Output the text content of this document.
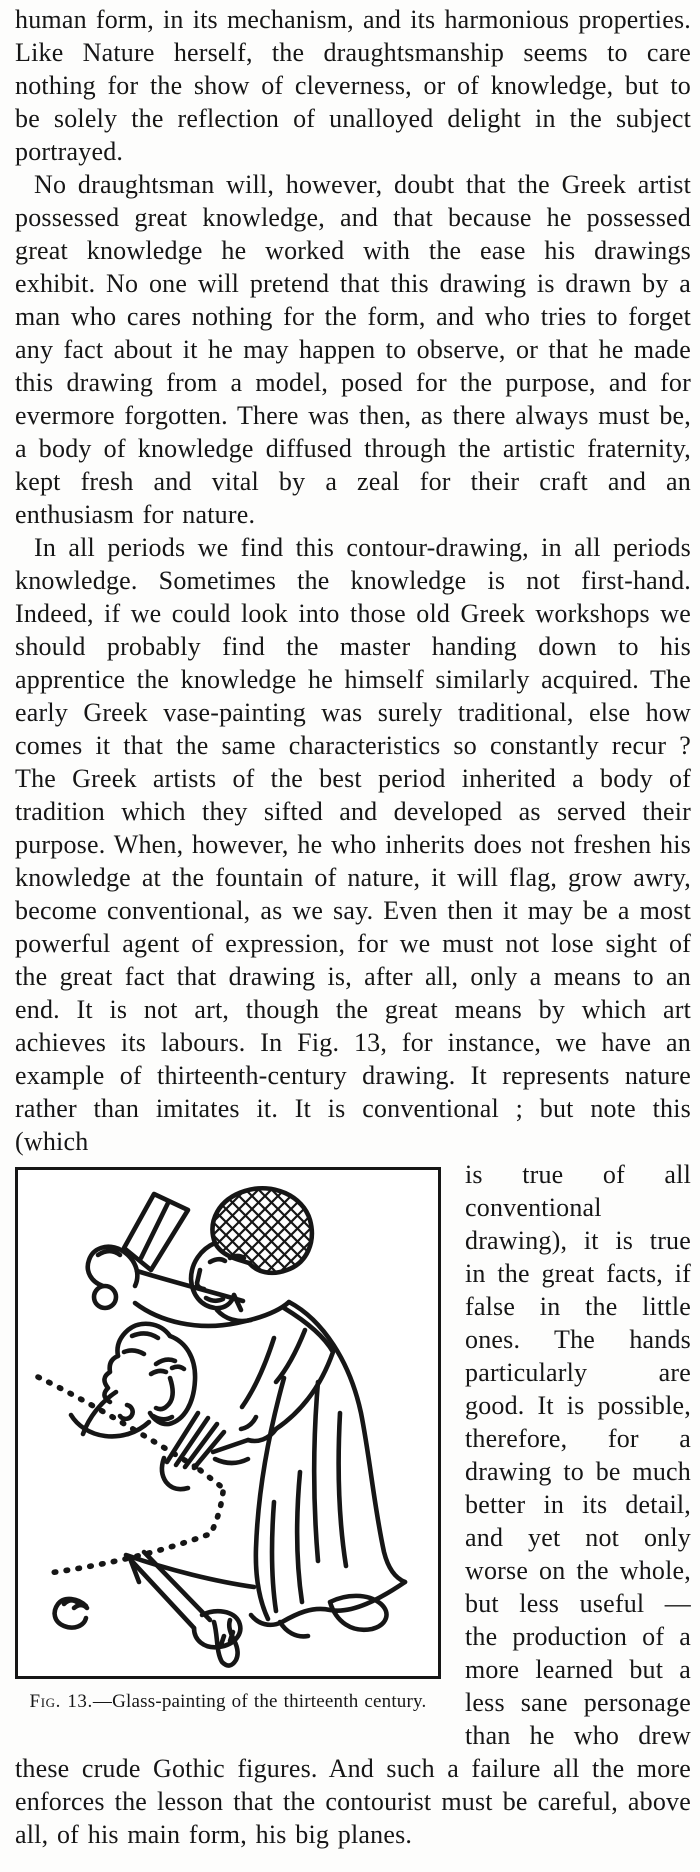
human form, in its mechanism, and its harmonious properties. Like Nature herself, the draughtsmanship seems to care nothing for the show of cleverness, or of knowledge, but to be solely the reflection of unalloyed delight in the subject portrayed.

No draughtsman will, however, doubt that the Greek artist possessed great knowledge, and that because he possessed great knowledge he worked with the ease his drawings exhibit. No one will pretend that this drawing is drawn by a man who cares nothing for the form, and who tries to forget any fact about it he may happen to observe, or that he made this drawing from a model, posed for the purpose, and for evermore forgotten. There was then, as there always must be, a body of knowledge diffused through the artistic fraternity, kept fresh and vital by a zeal for their craft and an enthusiasm for nature.

In all periods we find this contour-drawing, in all periods knowledge. Sometimes the knowledge is not first-hand. Indeed, if we could look into those old Greek workshops we should probably find the master handing down to his apprentice the knowledge he himself similarly acquired. The early Greek vase-painting was surely traditional, else how comes it that the same characteristics so constantly recur ? The Greek artists of the best period inherited a body of tradition which they sifted and developed as served their purpose. When, however, he who inherits does not freshen his knowledge at the fountain of nature, it will flag, grow awry, become conventional, as we say. Even then it may be a most powerful agent of expression, for we must not lose sight of the great fact that drawing is, after all, only a means to an end. It is not art, though the great means by which art achieves its labours. In Fig. 13, for instance, we have an example of thirteenth-century drawing. It represents nature rather than imitates it. It is conventional ; but note this (which

Fig. 13.—Glass-painting of the thirteenth century.
is true of all conventional drawing), it is true in the great facts, if false in the little ones. The hands particularly are good. It is possible, therefore, for a drawing to be much better in its detail, and yet not only worse on the whole, but less useful — the production of a more learned but a less sane personage than he who drew these crude Gothic figures. And such a failure all the more enforces the lesson that the contourist must be careful, above all, of his main form, his big planes.
